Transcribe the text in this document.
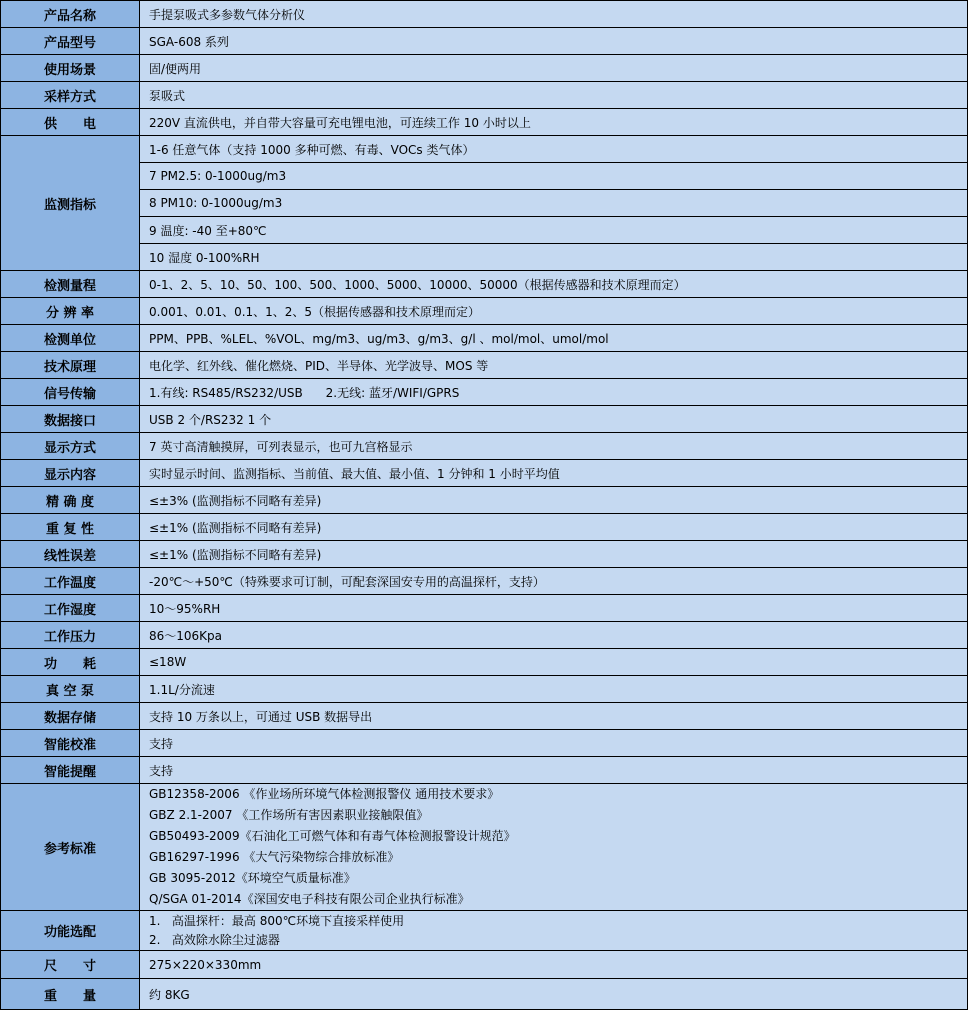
产品名称	手提泵吸式多参数气体分析仪
产品型号	SGA-608 系列
使用场景	固/便两用
采样方式	泵吸式
供　　电	220V 直流供电，并自带大容量可充电锂电池，可连续工作 10 小时以上
监测指标
1-6 任意气体（支持 1000 多种可燃、有毒、VOCs 类气体）
7 PM2.5: 0-1000ug/m3
8 PM10: 0-1000ug/m3
9 温度: -40 至+80℃
10 湿度 0-100%RH
检测量程	0-1、2、5、10、50、100、500、1000、5000、10000、50000（根据传感器和技术原理而定）
分 辨 率	0.001、0.01、0.1、1、2、5（根据传感器和技术原理而定）
检测单位	PPM、PPB、%LEL、%VOL、mg/m3、ug/m3、g/m3、g/l 、mol/mol、umol/mol
技术原理	电化学、红外线、催化燃烧、PID、半导体、光学波导、MOS 等
信号传输	1.有线: RS485/RS232/USB      2.无线: 蓝牙/WIFI/GPRS
数据接口	USB 2 个/RS232 1 个
显示方式	7 英寸高清触摸屏，可列表显示，也可九宫格显示
显示内容	实时显示时间、监测指标、当前值、最大值、最小值、1 分钟和 1 小时平均值
精 确 度	≤±3% (监测指标不同略有差异)
重 复 性	≤±1% (监测指标不同略有差异)
线性误差	≤±1% (监测指标不同略有差异)
工作温度	-20℃～+50℃（特殊要求可订制，可配套深国安专用的高温探杆，支持）
工作湿度	10～95%RH
工作压力	86～106Kpa
功　　耗	≤18W
真 空 泵	1.1L/分流速
数据存储	支持 10 万条以上，可通过 USB 数据导出
智能校准	支持
智能提醒	支持
参考标准
GB12358-2006 《作业场所环境气体检测报警仪 通用技术要求》
GBZ 2.1-2007 《工作场所有害因素职业接触限值》
GB50493-2009《石油化工可燃气体和有毒气体检测报警设计规范》
GB16297-1996 《大气污染物综合排放标准》
GB 3095-2012《环境空气质量标准》
Q/SGA 01-2014《深国安电子科技有限公司企业执行标准》
功能选配
1.   高温探杆：最高 800℃环境下直接采样使用
2.   高效除水除尘过滤器
尺　　寸	275×220×330mm
重　　量	约 8KG
